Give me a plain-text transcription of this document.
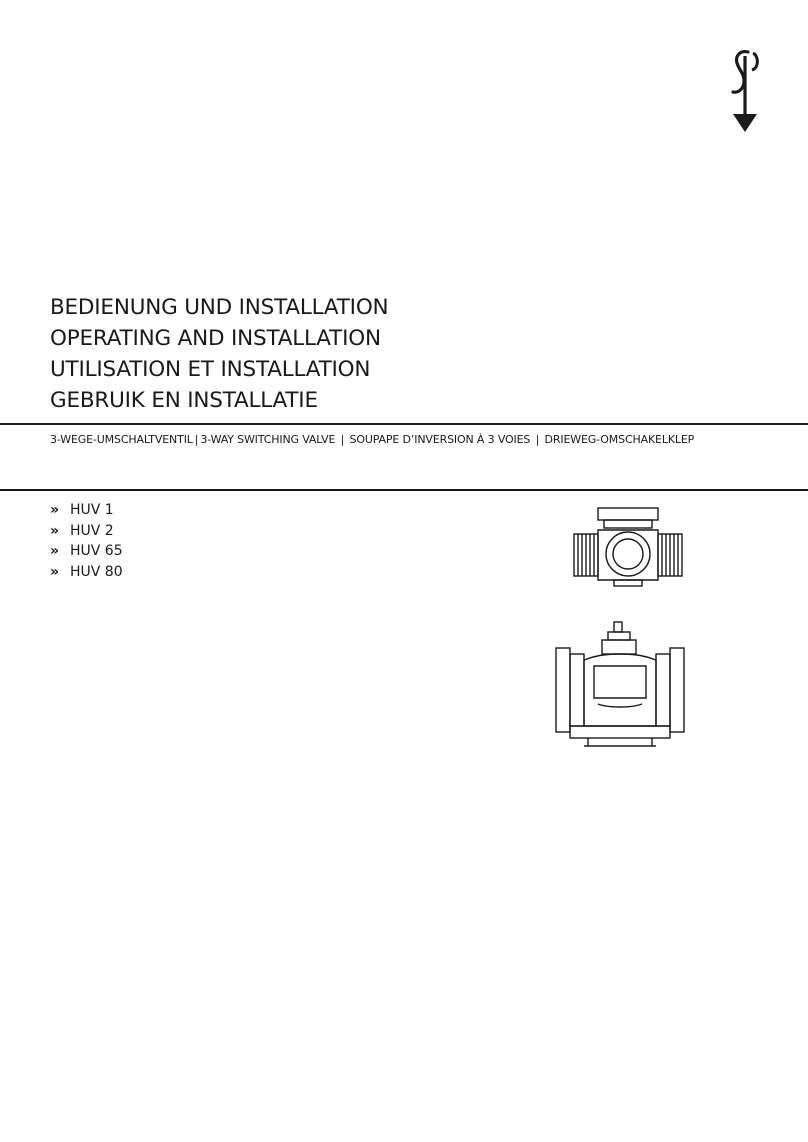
BEDIENUNG UND INSTALLATION
OPERATING AND INSTALLATION
UTILISATION ET INSTALLATION
GEBRUIK EN INSTALLATIE
3-WEGE-UMSCHALTVENTIL | 3-WAY SWITCHING VALVE | SOUPAPE D’INVERSION À 3 VOIES | DRIEWEG-OMSCHAKELKLEP
» HUV 1
» HUV 2
» HUV 65
» HUV 80
